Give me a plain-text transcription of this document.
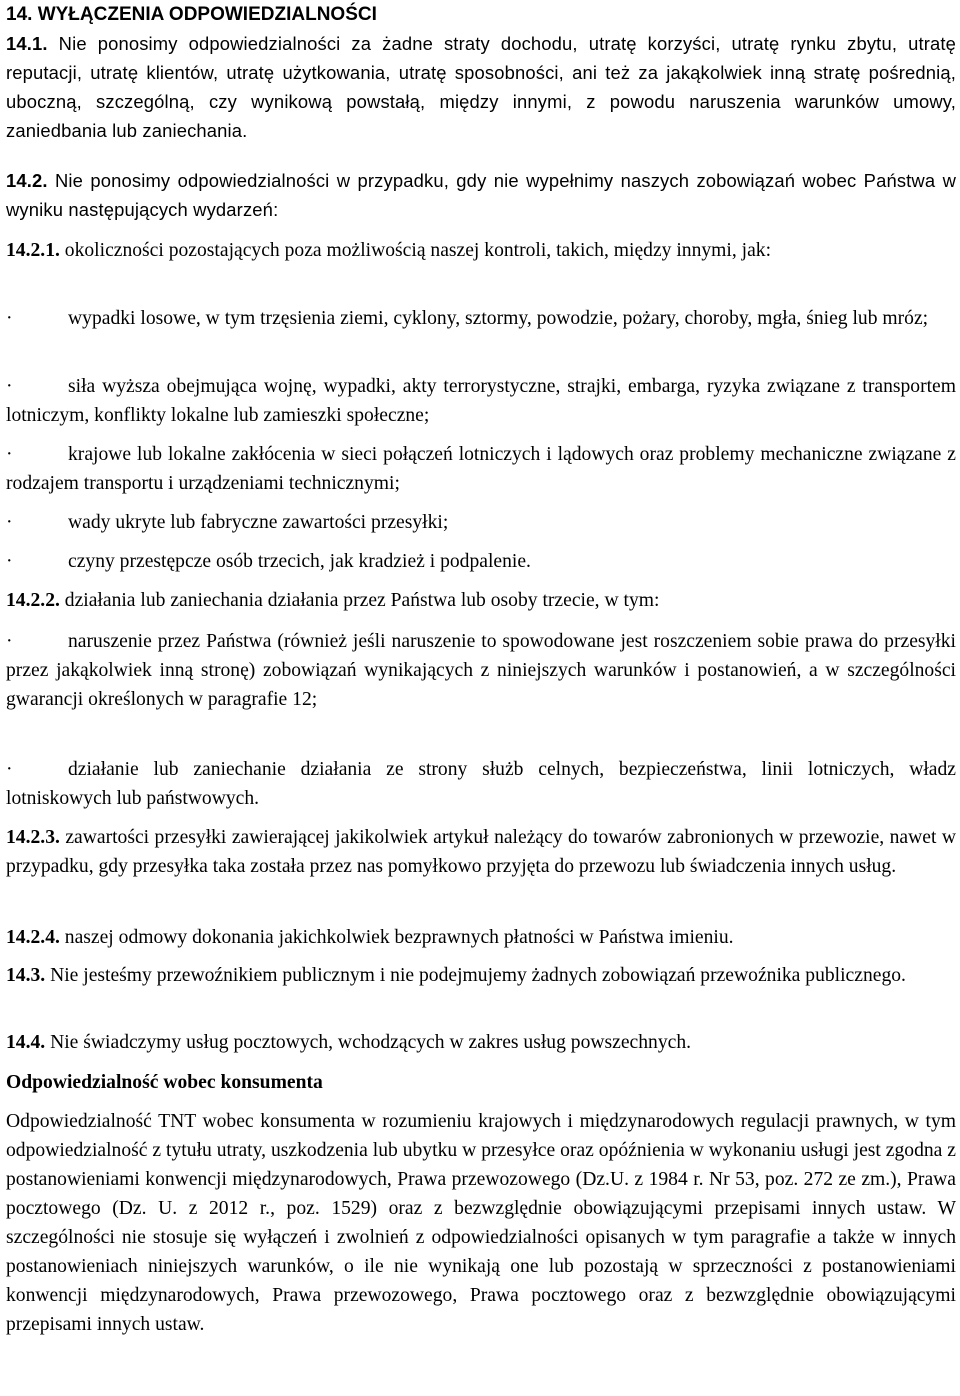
14. WYŁĄCZENIA ODPOWIEDZIALNOŚCI

14.1. Nie ponosimy odpowiedzialności za żadne straty dochodu, utratę korzyści, utratę rynku zbytu, utratę reputacji, utratę klientów, utratę użytkowania, utratę sposobności, ani też za jakąkolwiek inną stratę pośrednią, uboczną, szczególną, czy wynikową powstałą, między innymi, z powodu naruszenia warunków umowy, zaniedbania lub zaniechania.

14.2. Nie ponosimy odpowiedzialności w przypadku, gdy nie wypełnimy naszych zobowiązań wobec Państwa w wyniku następujących wydarzeń:

14.2.1. okoliczności pozostających poza możliwością naszej kontroli, takich, między innymi, jak:

·	wypadki losowe, w tym trzęsienia ziemi, cyklony, sztormy, powodzie, pożary, choroby, mgła, śnieg lub mróz;

·	siła wyższa obejmująca wojnę, wypadki, akty terrorystyczne, strajki, embarga, ryzyka związane z transportem lotniczym, konflikty lokalne lub zamieszki społeczne;

·	krajowe lub lokalne zakłócenia w sieci połączeń lotniczych i lądowych oraz problemy mechaniczne związane z rodzajem transportu i urządzeniami technicznymi;

·	wady ukryte lub fabryczne zawartości przesyłki;

·	czyny przestępcze osób trzecich, jak kradzież i podpalenie.

14.2.2. działania lub zaniechania działania przez Państwa lub osoby trzecie, w tym:

·	naruszenie przez Państwa (również jeśli naruszenie to spowodowane jest roszczeniem sobie prawa do przesyłki przez jakąkolwiek inną stronę) zobowiązań wynikających z niniejszych warunków i postanowień, a w szczególności gwarancji określonych w paragrafie 12;

·	działanie lub zaniechanie działania ze strony służb celnych, bezpieczeństwa, linii lotniczych, władz lotniskowych lub państwowych.

14.2.3. zawartości przesyłki zawierającej jakikolwiek artykuł należący do towarów zabronionych w przewozie, nawet w przypadku, gdy przesyłka taka została przez nas pomyłkowo przyjęta do przewozu lub świadczenia innych usług.

14.2.4. naszej odmowy dokonania jakichkolwiek bezprawnych płatności w Państwa imieniu.

14.3. Nie jesteśmy przewoźnikiem publicznym i nie podejmujemy żadnych zobowiązań przewoźnika publicznego.

14.4. Nie świadczymy usług pocztowych, wchodzących w zakres usług powszechnych.

Odpowiedzialność wobec konsumenta

Odpowiedzialność TNT wobec konsumenta w rozumieniu krajowych i międzynarodowych regulacji prawnych, w tym odpowiedzialność z tytułu utraty, uszkodzenia lub ubytku w przesyłce oraz opóźnienia w wykonaniu usługi jest zgodna z postanowieniami konwencji międzynarodowych, Prawa przewozowego (Dz.U. z 1984 r. Nr 53, poz. 272 ze zm.), Prawa pocztowego (Dz. U. z 2012 r., poz. 1529) oraz z bezwzględnie obowiązującymi przepisami innych ustaw. W szczególności nie stosuje się wyłączeń i zwolnień z odpowiedzialności opisanych w tym paragrafie a także w innych postanowieniach niniejszych warunków, o ile nie wynikają one lub pozostają w sprzeczności z postanowieniami konwencji międzynarodowych, Prawa przewozowego, Prawa pocztowego oraz z bezwzględnie obowiązującymi przepisami innych ustaw.
